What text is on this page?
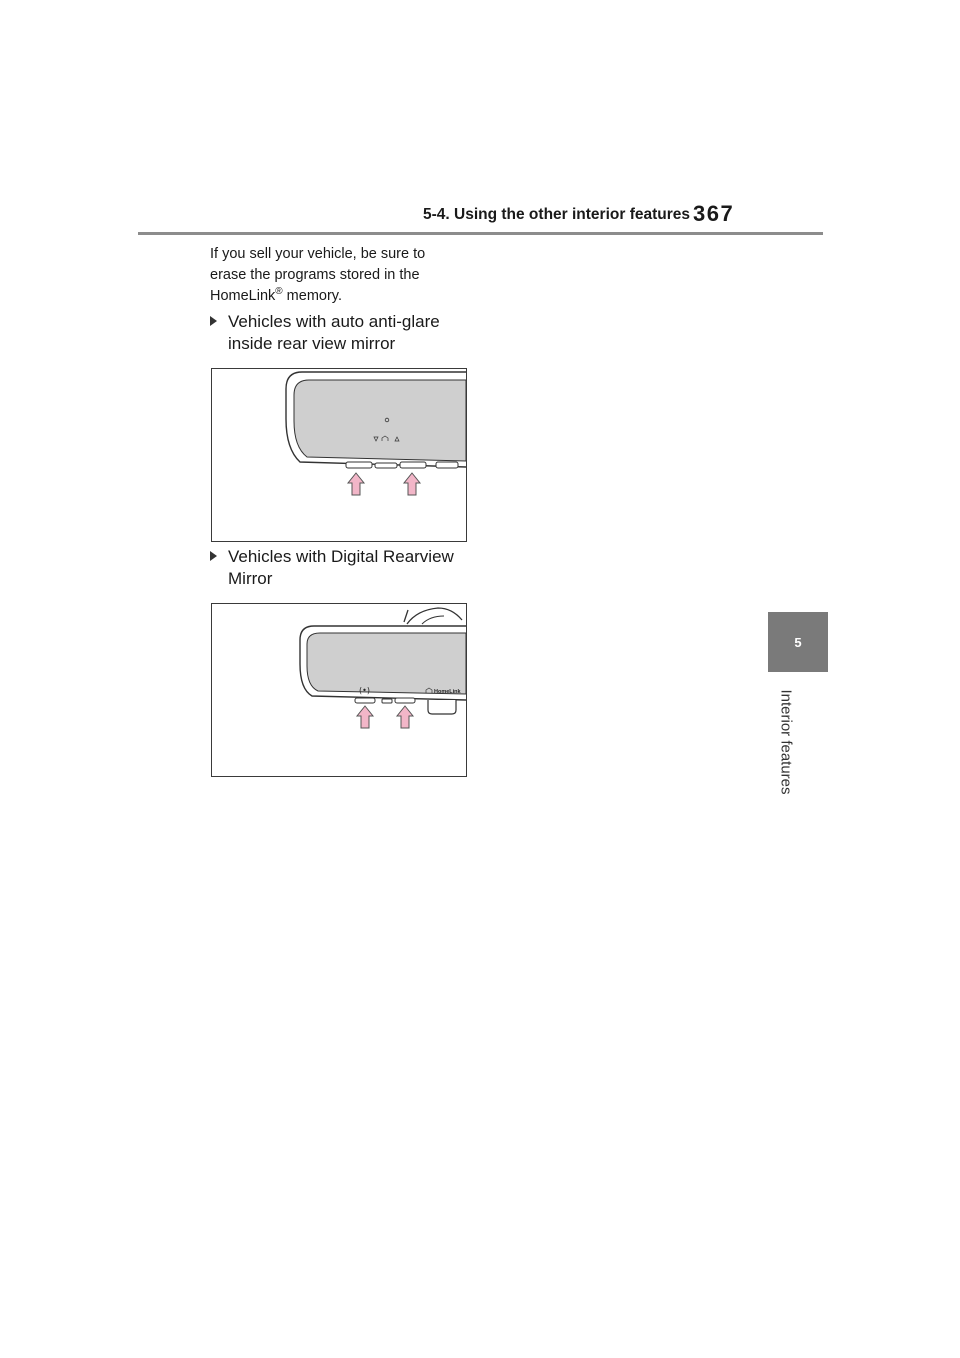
5-4. Using the other interior features 367
5
Interior features
If you sell your vehicle, be sure to
erase the programs stored in the
HomeLink® memory.
Vehicles with auto anti-glare inside rear view mirror
Vehicles with Digital Rearview Mirror
(•)	HomeLink
